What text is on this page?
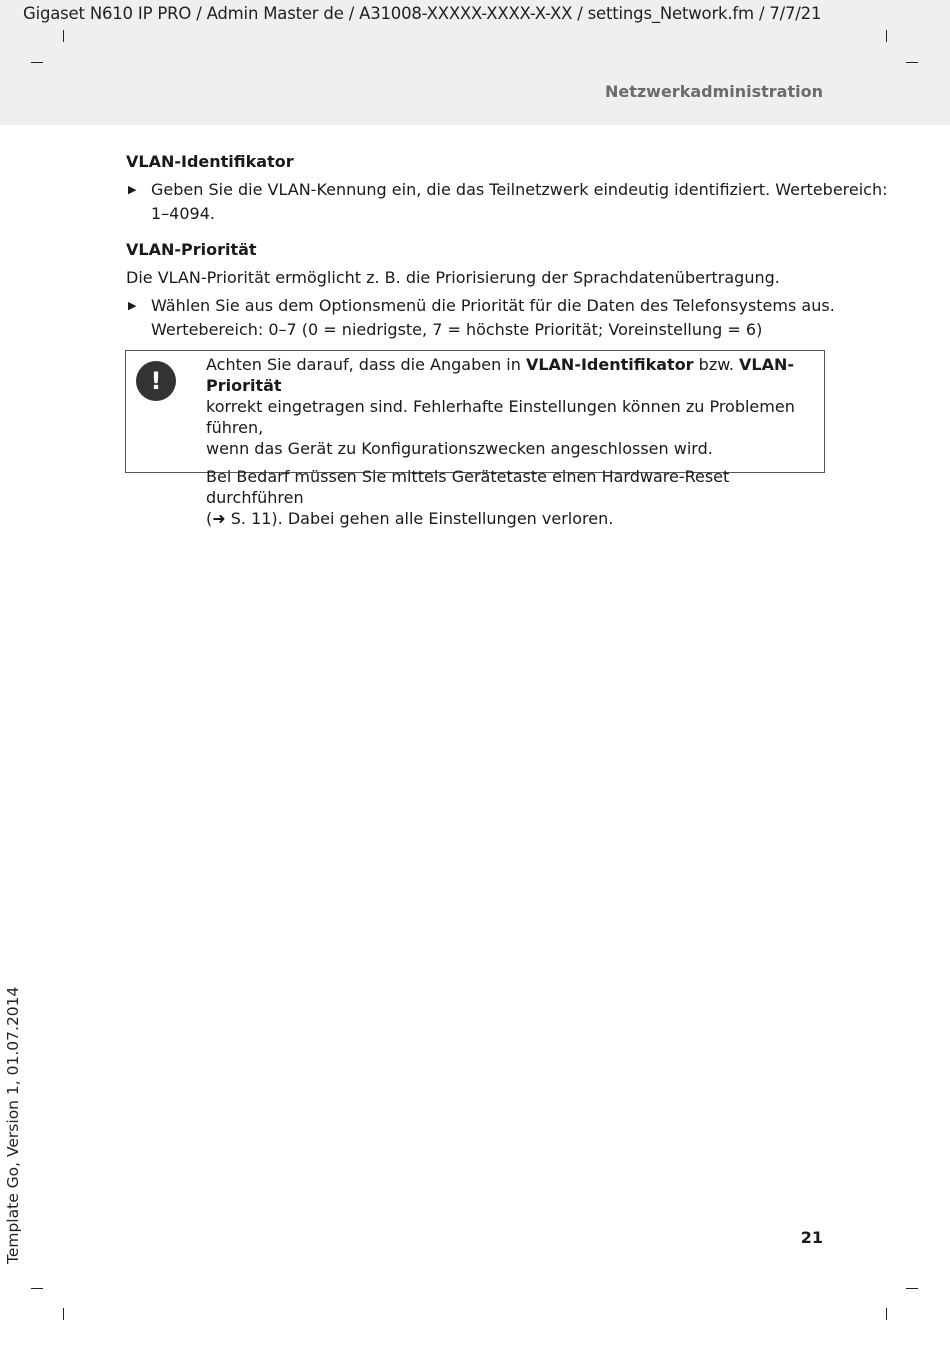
Gigaset N610 IP PRO / Admin Master de / A31008-XXXXX-XXXX-X-XX / settings_Network.fm / 7/7/21
Netzwerkadministration

VLAN-Identifikator

▶ Geben Sie die VLAN-Kennung ein, die das Teilnetzwerk eindeutig identifiziert. Wertebereich:
1–4094.

VLAN-Priorität

Die VLAN-Priorität ermöglicht z. B. die Priorisierung der Sprachdatenübertragung.

▶ Wählen Sie aus dem Optionsmenü die Priorität für die Daten des Telefonsystems aus.
Wertebereich: 0–7 (0 = niedrigste, 7 = höchste Priorität; Voreinstellung = 6)
!

Achten Sie darauf, dass die Angaben in VLAN-Identifikator bzw. VLAN-Priorität
korrekt eingetragen sind. Fehlerhafte Einstellungen können zu Problemen führen,
wenn das Gerät zu Konfigurationszwecken angeschlossen wird.

Bei Bedarf müssen Sie mittels Gerätetaste einen Hardware-Reset durchführen
(➜ S. 11). Dabei gehen alle Einstellungen verloren.

21
Template Go, Version 1, 01.07.2014
